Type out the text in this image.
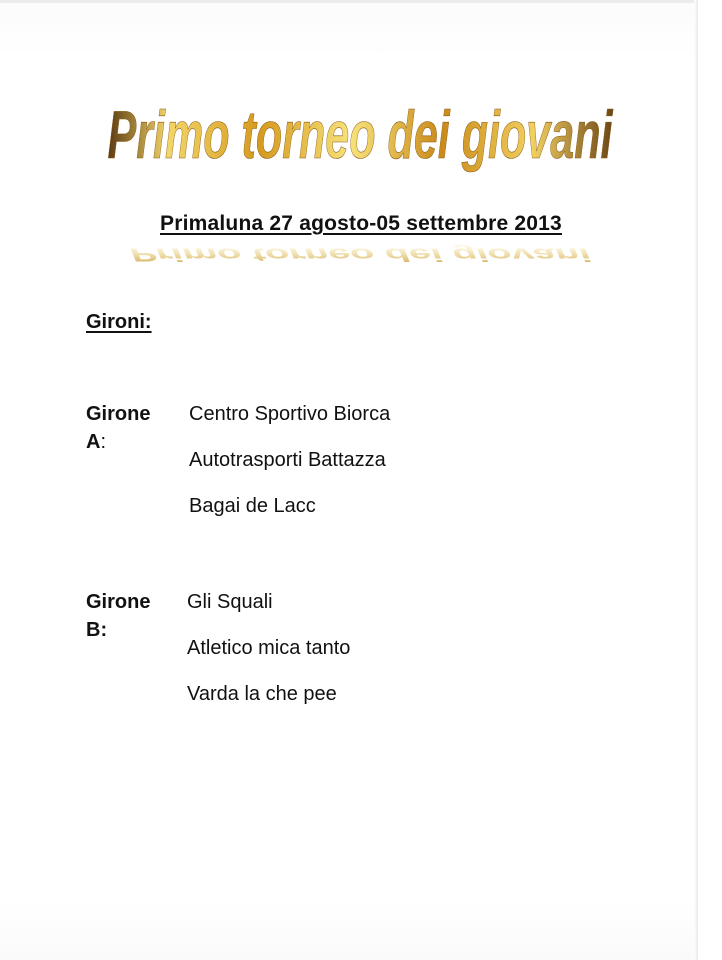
Primo torneo dei giovani
Primo torneo dei giovani
Primaluna 27 agosto-05 settembre 2013
Gironi:
Girone A:
Centro Sportivo Biorca
Autotrasporti Battazza
Bagai de Lacc
Girone B:
Gli Squali
Atletico mica tanto
Varda la che pee
